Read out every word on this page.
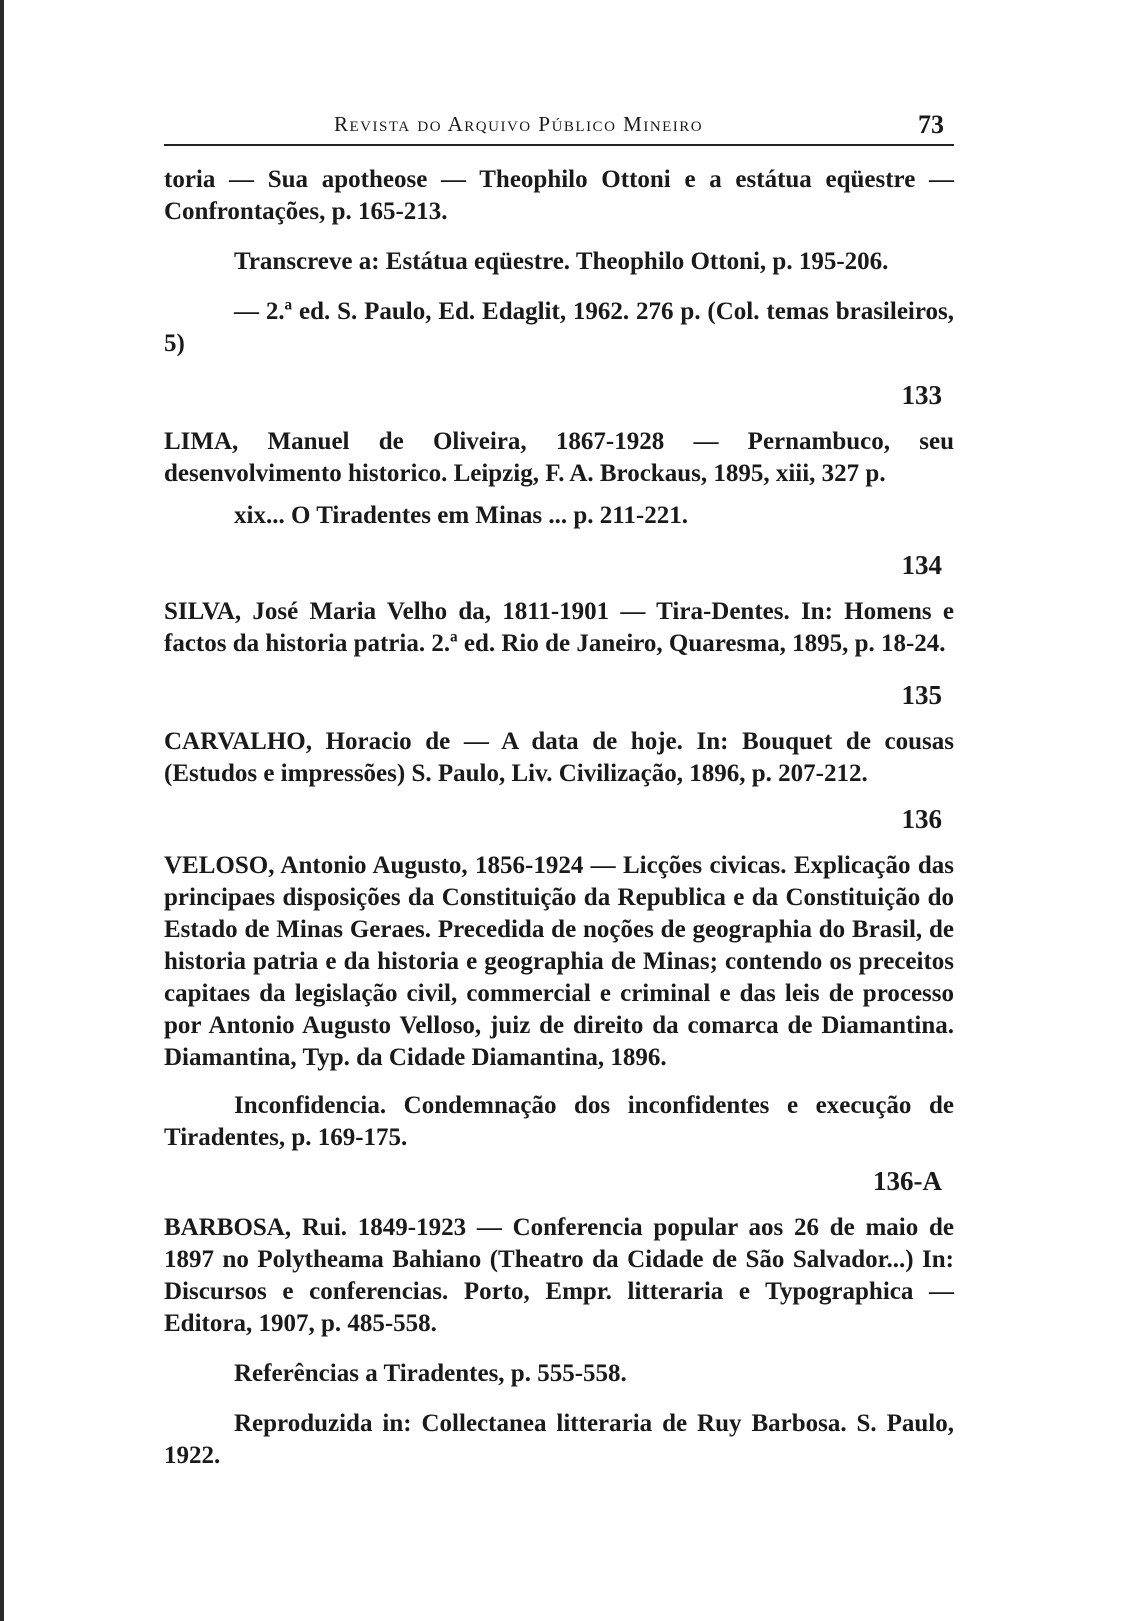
Revista do Arquivo Público Mineiro	73

toria — Sua apotheose — Theophilo Ottoni e a estátua eqüestre — Confrontações, p. 165-213.

Transcreve a: Estátua eqüestre. Theophilo Ottoni, p. 195-206.

— 2.ª ed. S. Paulo, Ed. Edaglit, 1962. 276 p. (Col. temas brasileiros, 5)

133

LIMA, Manuel de Oliveira, 1867-1928 — Pernambuco, seu desenvolvimento historico. Leipzig, F. A. Brockaus, 1895, xiii, 327 p.

xix... O Tiradentes em Minas ... p. 211-221.

134

SILVA, José Maria Velho da, 1811-1901 — Tira-Dentes. In: Homens e factos da historia patria. 2.ª ed. Rio de Janeiro, Quaresma, 1895, p. 18-24.

135

CARVALHO, Horacio de — A data de hoje. In: Bouquet de cousas (Estudos e impressões) S. Paulo, Liv. Civilização, 1896, p. 207-212.

136

VELOSO, Antonio Augusto, 1856-1924 — Licções civicas. Explicação das principaes disposições da Constituição da Republica e da Constituição do Estado de Minas Geraes. Precedida de noções de geographia do Brasil, de historia patria e da historia e geographia de Minas; contendo os preceitos capitaes da legislação civil, commercial e criminal e das leis de processo por Antonio Augusto Velloso, juiz de direito da comarca de Diamantina. Diamantina, Typ. da Cidade Diamantina, 1896.

Inconfidencia. Condemnação dos inconfidentes e execução de Tiradentes, p. 169-175.

136-A

BARBOSA, Rui. 1849-1923 — Conferencia popular aos 26 de maio de 1897 no Polytheama Bahiano (Theatro da Cidade de São Salvador...) In: Discursos e conferencias. Porto, Empr. litteraria e Typographica — Editora, 1907, p. 485-558.

Referências a Tiradentes, p. 555-558.

Reproduzida in: Collectanea litteraria de Ruy Barbosa. S. Paulo, 1922.
